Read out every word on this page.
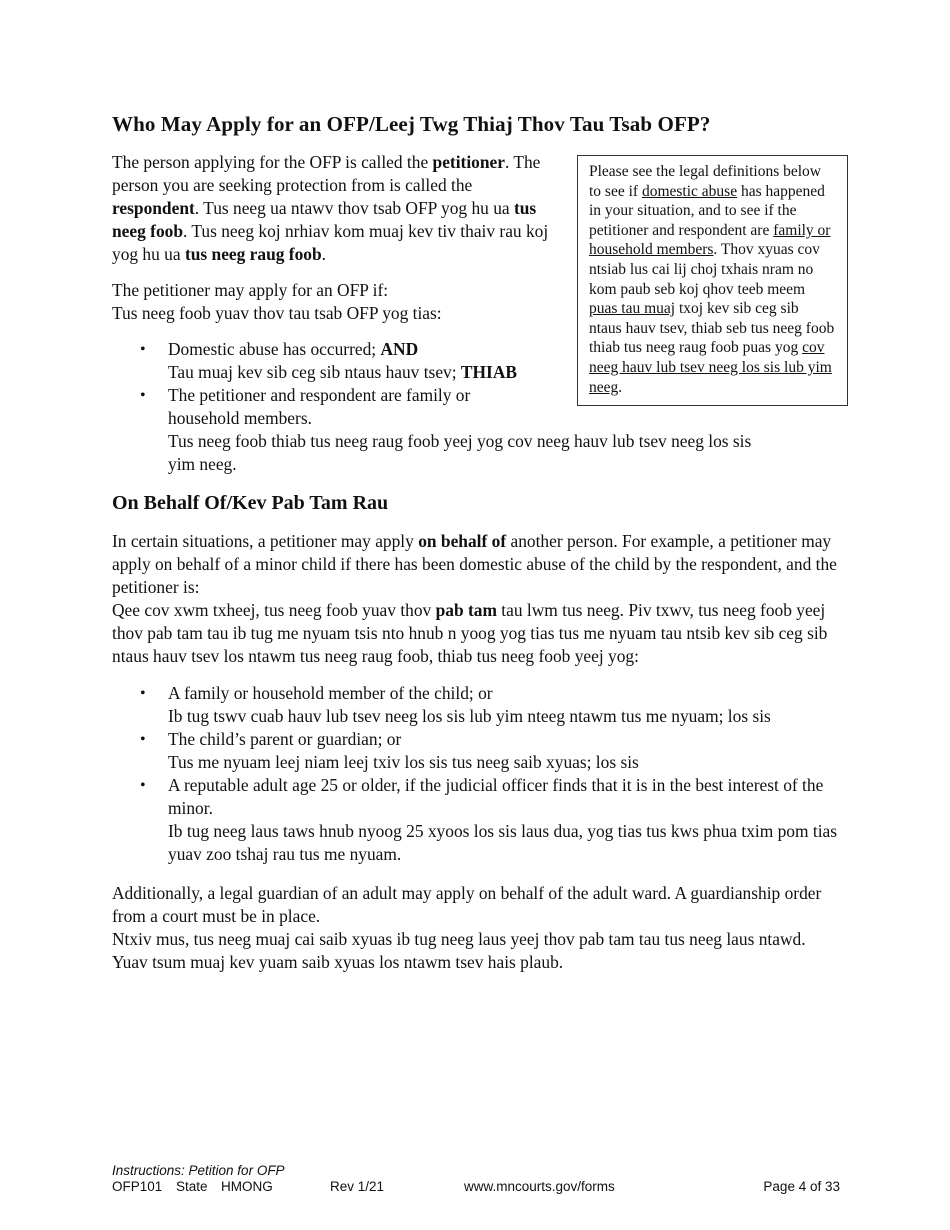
Who May Apply for an OFP/Leej Twg Thiaj Thov Tau Tsab OFP?

The person applying for the OFP is called the petitioner. The person you are seeking protection from is called the respondent. Tus neeg ua ntawv thov tsab OFP yog hu ua tus neeg foob. Tus neeg koj nrhiav kom muaj kev tiv thaiv rau koj yog hu ua tus neeg raug foob.

Please see the legal definitions below to see if domestic abuse has happened in your situation, and to see if the petitioner and respondent are family or household members. Thov xyuas cov ntsiab lus cai lij choj txhais nram no kom paub seb koj qhov teeb meem puas tau muaj txoj kev sib ceg sib ntaus hauv tsev, thiab seb tus neeg foob thiab tus neeg raug foob puas yog cov neeg hauv lub tsev neeg los sis lub yim neeg.

The petitioner may apply for an OFP if:
Tus neeg foob yuav thov tau tsab OFP yog tias:

• Domestic abuse has occurred; AND
Tau muaj kev sib ceg sib ntaus hauv tsev; THIAB
• The petitioner and respondent are family or household members.
Tus neeg foob thiab tus neeg raug foob yeej yog cov neeg hauv lub tsev neeg los sis yim neeg.
On Behalf Of/Kev Pab Tam Rau

In certain situations, a petitioner may apply on behalf of another person. For example, a petitioner may apply on behalf of a minor child if there has been domestic abuse of the child by the respondent, and the petitioner is:
Qee cov xwm txheej, tus neeg foob yuav thov pab tam tau lwm tus neeg. Piv txwv, tus neeg foob yeej thov pab tam tau ib tug me nyuam tsis nto hnub n yoog yog tias tus me nyuam tau ntsib kev sib ceg sib ntaus hauv tsev los ntawm tus neeg raug foob, thiab tus neeg foob yeej yog:

• A family or household member of the child; or
Ib tug tswv cuab hauv lub tsev neeg los sis lub yim nteeg ntawm tus me nyuam; los sis
• The child’s parent or guardian; or
Tus me nyuam leej niam leej txiv los sis tus neeg saib xyuas; los sis
• A reputable adult age 25 or older, if the judicial officer finds that it is in the best interest of the minor.
Ib tug neeg laus taws hnub nyoog 25 xyoos los sis laus dua, yog tias tus kws phua txim pom tias yuav zoo tshaj rau tus me nyuam.

Additionally, a legal guardian of an adult may apply on behalf of the adult ward. A guardianship order from a court must be in place.
Ntxiv mus, tus neeg muaj cai saib xyuas ib tug neeg laus yeej thov pab tam tau tus neeg laus ntawd. Yuav tsum muaj kev yuam saib xyuas los ntawm tsev hais plaub.

Instructions: Petition for OFP
OFP101 State HMONG	Rev 1/21	www.mncourts.gov/forms	Page 4 of 33
